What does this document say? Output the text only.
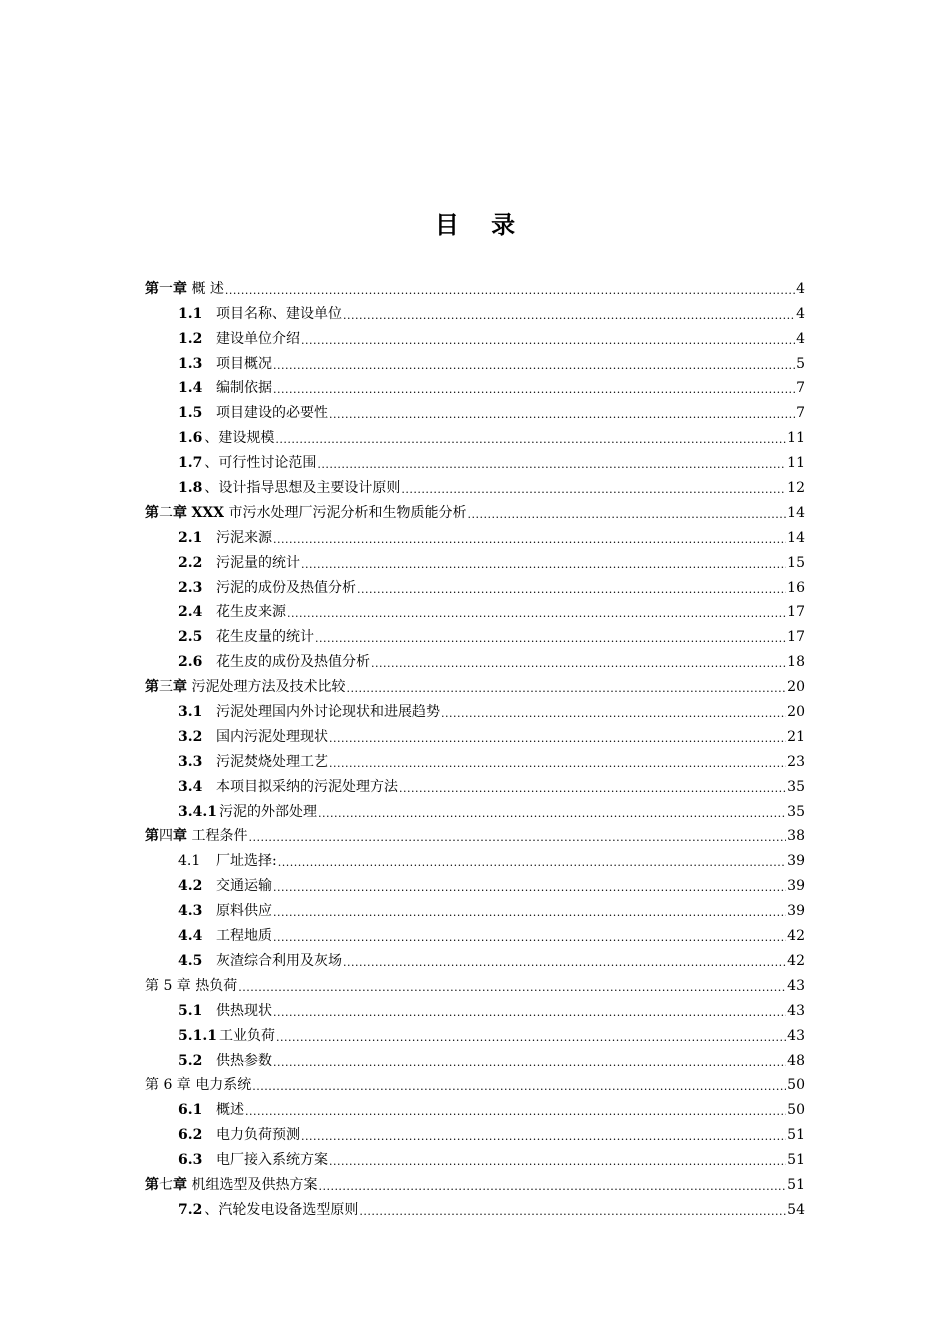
目 录
第一章 概 述 .....	4
1.1 项目名称、建设单位 .....	4
1.2 建设单位介绍 .....	4
1.3 项目概况 .....	5
1.4 编制依据 .....	7
1.5 项目建设的必要性 .....	7
1.6 、建设规模 .....	11
1.7 、可行性讨论范围 .....	11
1.8 、设计指导思想及主要设计原则 .....	12
第二章 XXX 市污水处理厂污泥分析和生物质能分析 .....	14
2.1 污泥来源 .....	14
2.2 污泥量的统计 .....	15
2.3 污泥的成份及热值分析 .....	16
2.4 花生皮来源 .....	17
2.5 花生皮量的统计 .....	17
2.6 花生皮的成份及热值分析 .....	18
第三章 污泥处理方法及技术比较 .....	20
3.1 污泥处理国内外讨论现状和进展趋势 .....	20
3.2 国内污泥处理现状 .....	21
3.3 污泥焚烧处理工艺 .....	23
3.4 本项目拟采纳的污泥处理方法 .....	35
3.4.1 污泥的外部处理 .....	35
第四章 工程条件 .....	38
4.1	厂址选择: .....	39
4.2 交通运输 .....	39
4.3 原料供应 .....	39
4.4 工程地质 .....	42
4.5 灰渣综合利用及灰场 .....	42
第 5 章 热负荷 .....	43
5.1 供热现状 .....	43
5.1.1 工业负荷 .....	43
5.2 供热参数 .....	48
第 6 章 电力系统 .....	50
6.1 概述 .....	50
6.2 电力负荷预测 .....	51
6.3 电厂接入系统方案 .....	51
第七章 机组选型及供热方案 .....	51
7.2 、汽轮发电设备选型原则 .....	54
